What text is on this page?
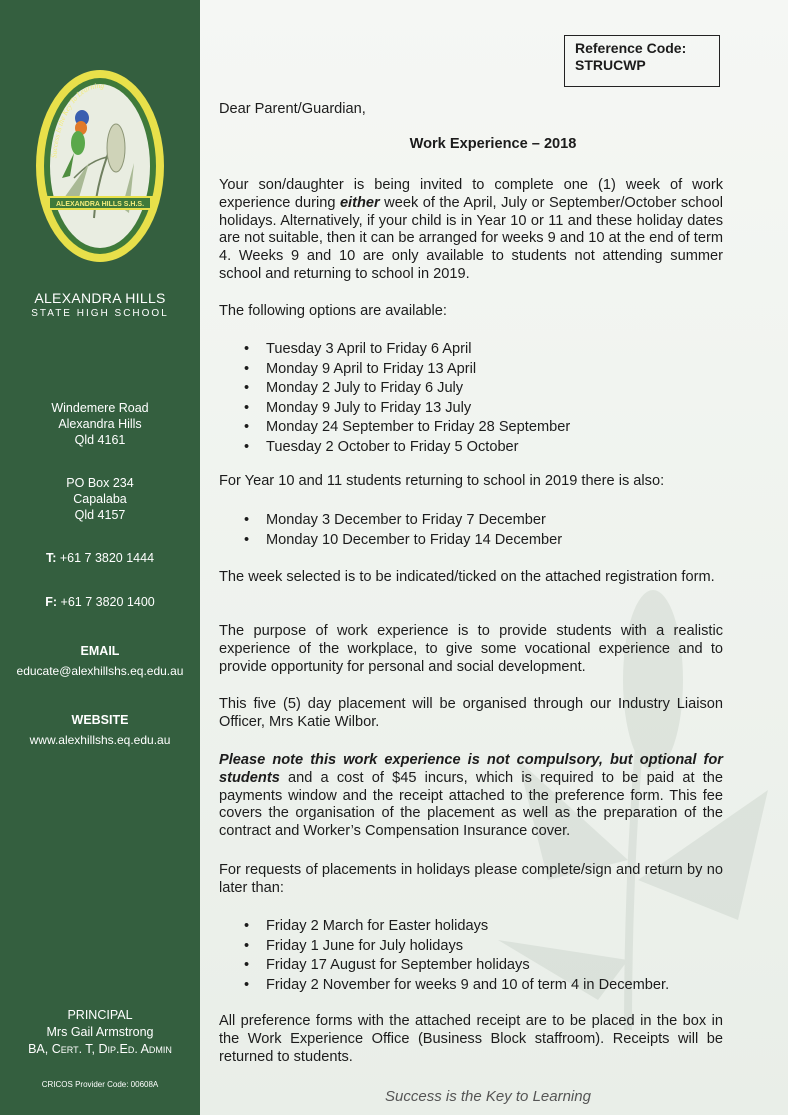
Success Is the Key To Learning
ALEXANDRA HILLS S.H.S.
ALEXANDRA HILLS
STATE HIGH SCHOOL
Windemere Road
Alexandra Hills
Qld 4161
PO Box 234
Capalaba
Qld 4157
T: +61 7 3820 1444
F: +61 7 3820 1400
EMAIL
educate@alexhillshs.eq.edu.au
WEBSITE
www.alexhillshs.eq.edu.au
PRINCIPAL
Mrs Gail Armstrong
BA, Cert. T, Dip.Ed. Admin
CRICOS Provider Code: 00608A
Reference Code:
STRUCWP
Dear Parent/Guardian,
Work Experience – 2018
Your son/daughter is being invited to complete one (1) week of work experience during either week of the April, July or September/October school holidays. Alternatively, if your child is in Year 10 or 11 and these holiday dates are not suitable, then it can be arranged for weeks 9 and 10 at the end of term 4. Weeks 9 and 10 are only available to students not attending summer school and returning to school in 2019.
The following options are available:
• Tuesday 3 April to Friday 6 April
• Monday 9 April to Friday 13 April
• Monday 2 July to Friday 6 July
• Monday 9 July to Friday 13 July
• Monday 24 September to Friday 28 September
• Tuesday 2 October to Friday 5 October
For Year 10 and 11 students returning to school in 2019 there is also:
• Monday 3 December to Friday 7 December
• Monday 10 December to Friday 14 December
The week selected is to be indicated/ticked on the attached registration form.
The purpose of work experience is to provide students with a realistic experience of the workplace, to give some vocational experience and to provide opportunity for personal and social development.
This five (5) day placement will be organised through our Industry Liaison Officer, Mrs Katie Wilbor.
Please note this work experience is not compulsory, but optional for students and a cost of $45 incurs, which is required to be paid at the payments window and the receipt attached to the preference form. This fee covers the organisation of the placement as well as the preparation of the contract and Worker’s Compensation Insurance cover.
For requests of placements in holidays please complete/sign and return by no later than:
• Friday 2 March for Easter holidays
• Friday 1 June for July holidays
• Friday 17 August for September holidays
• Friday 2 November for weeks 9 and 10 of term 4 in December.
All preference forms with the attached receipt are to be placed in the box in the Work Experience Office (Business Block staffroom). Receipts will be returned to students.
Success is the Key to Learning
